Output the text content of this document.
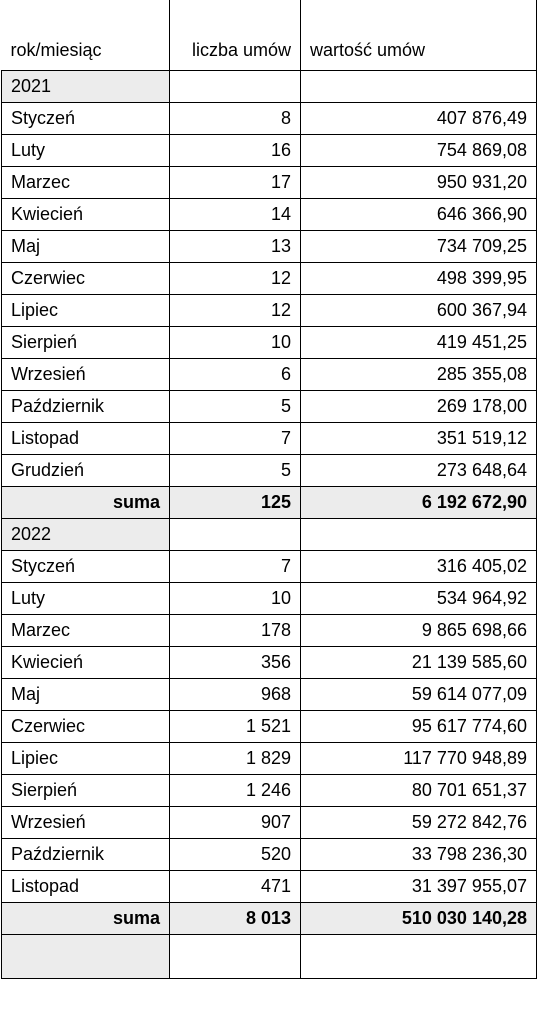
rok/miesiąc	liczba umów	wartość umów
2021		
Styczeń	8	407 876,49
Luty	16	754 869,08
Marzec	17	950 931,20
Kwiecień	14	646 366,90
Maj	13	734 709,25
Czerwiec	12	498 399,95
Lipiec	12	600 367,94
Sierpień	10	419 451,25
Wrzesień	6	285 355,08
Październik	5	269 178,00
Listopad	7	351 519,12
Grudzień	5	273 648,64
suma	125	6 192 672,90
2022		
Styczeń	7	316 405,02
Luty	10	534 964,92
Marzec	178	9 865 698,66
Kwiecień	356	21 139 585,60
Maj	968	59 614 077,09
Czerwiec	1 521	95 617 774,60
Lipiec	1 829	117 770 948,89
Sierpień	1 246	80 701 651,37
Wrzesień	907	59 272 842,76
Październik	520	33 798 236,30
Listopad	471	31 397 955,07
suma	8 013	510 030 140,28
